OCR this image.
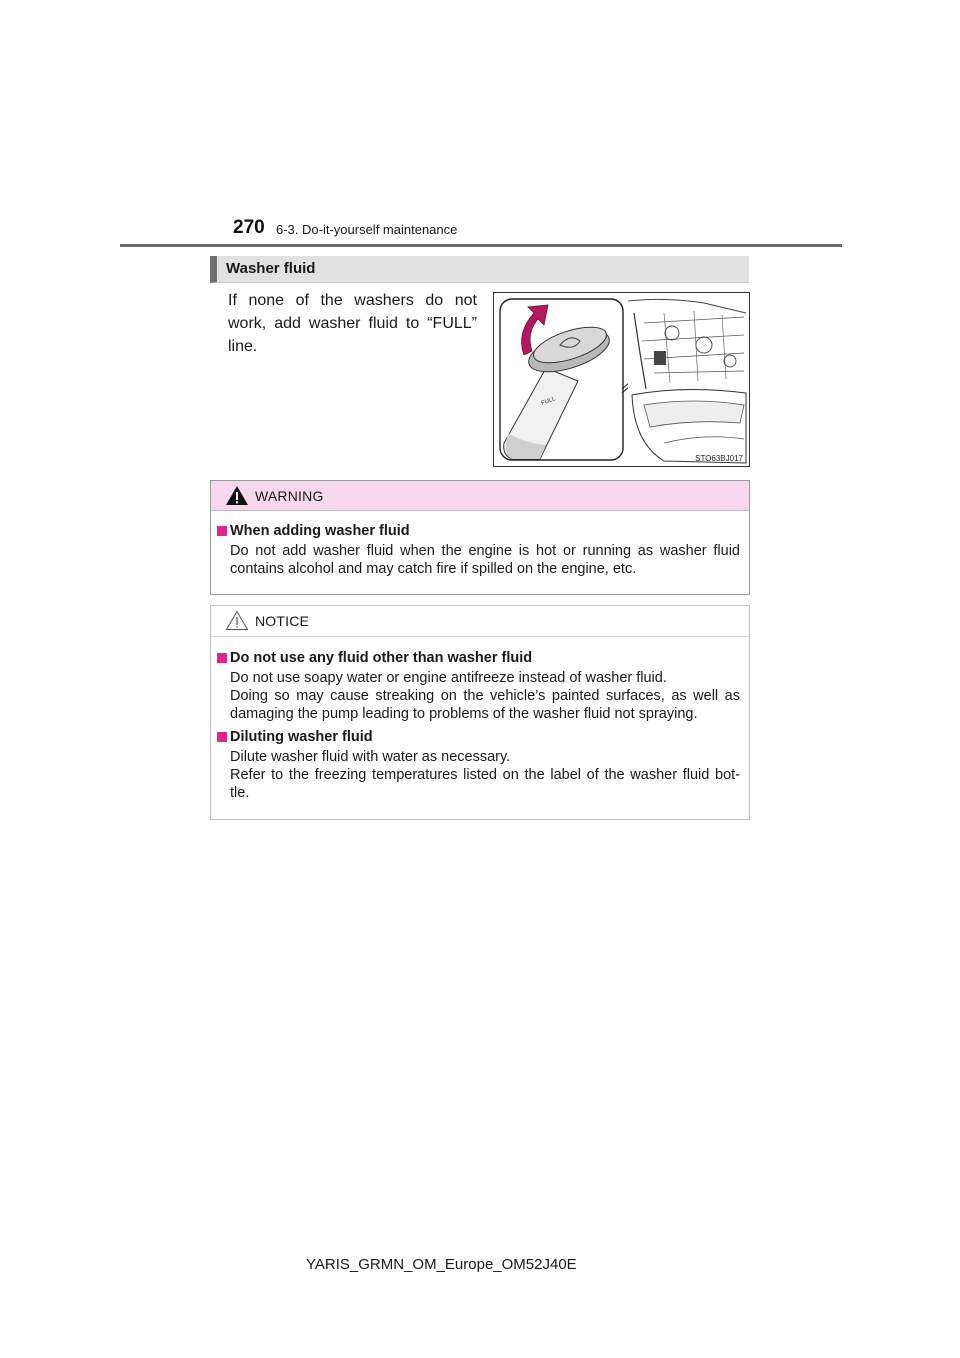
270 6-3. Do-it-yourself maintenance
Washer fluid
If none of the washers do not work, add washer fluid to “FULL” line.
FULL
STO63BJ017
WARNING
When adding washer fluid

Do not add washer fluid when the engine is hot or running as washer fluid contains alcohol and may catch fire if spilled on the engine, etc.

NOTICE
Do not use any fluid other than washer fluid

Do not use soapy water or engine antifreeze instead of washer fluid.

Doing so may cause streaking on the vehicle’s painted surfaces, as well as damaging the pump leading to problems of the washer fluid not spraying.

Diluting washer fluid

Dilute washer fluid with water as necessary.

Refer to the freezing temperatures listed on the label of the washer fluid bot- tle.

YARIS_GRMN_OM_Europe_OM52J40E
